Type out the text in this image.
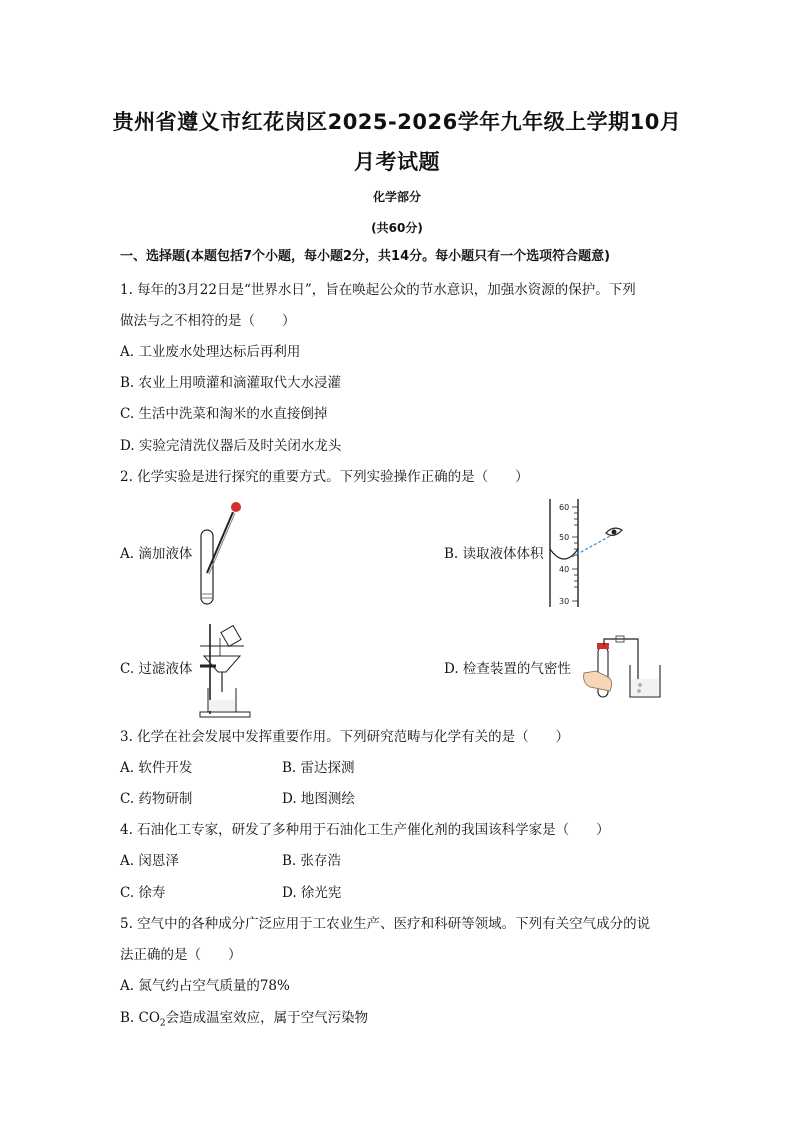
贵州省遵义市红花岗区2025-2026学年九年级上学期10月
月考试题
化学部分
(共60分)
一、选择题(本题包括7个小题，每小题2分，共14分。每小题只有一个选项符合题意)
1. 每年的3月22日是“世界水日”，旨在唤起公众的节水意识，加强水资源的保护。下列
做法与之不相符的是（　　）
A. 工业废水处理达标后再利用
B. 农业上用喷灌和滴灌取代大水浸灌
C. 生活中洗菜和淘米的水直接倒掉
D. 实验完清洗仪器后及时关闭水龙头
2. 化学实验是进行探究的重要方式。下列实验操作正确的是（　　）
A. 滴加液体	B. 读取液体体积
60
50
40
30
C. 过滤液体	D. 检查装置的气密性
3. 化学在社会发展中发挥重要作用。下列研究范畴与化学有关的是（　　）
A. 软件开发	B. 雷达探测
C. 药物研制	D. 地图测绘
4. 石油化工专家，研发了多种用于石油化工生产催化剂的我国该科学家是（　　）
A. 闵恩泽	B. 张存浩
C. 徐寿	D. 徐光宪
5. 空气中的各种成分广泛应用于工农业生产、医疗和科研等领域。下列有关空气成分的说
法正确的是（　　）
A. 氮气约占空气质量的78%
B. $CO_2$会造成温室效应，属于空气污染物
